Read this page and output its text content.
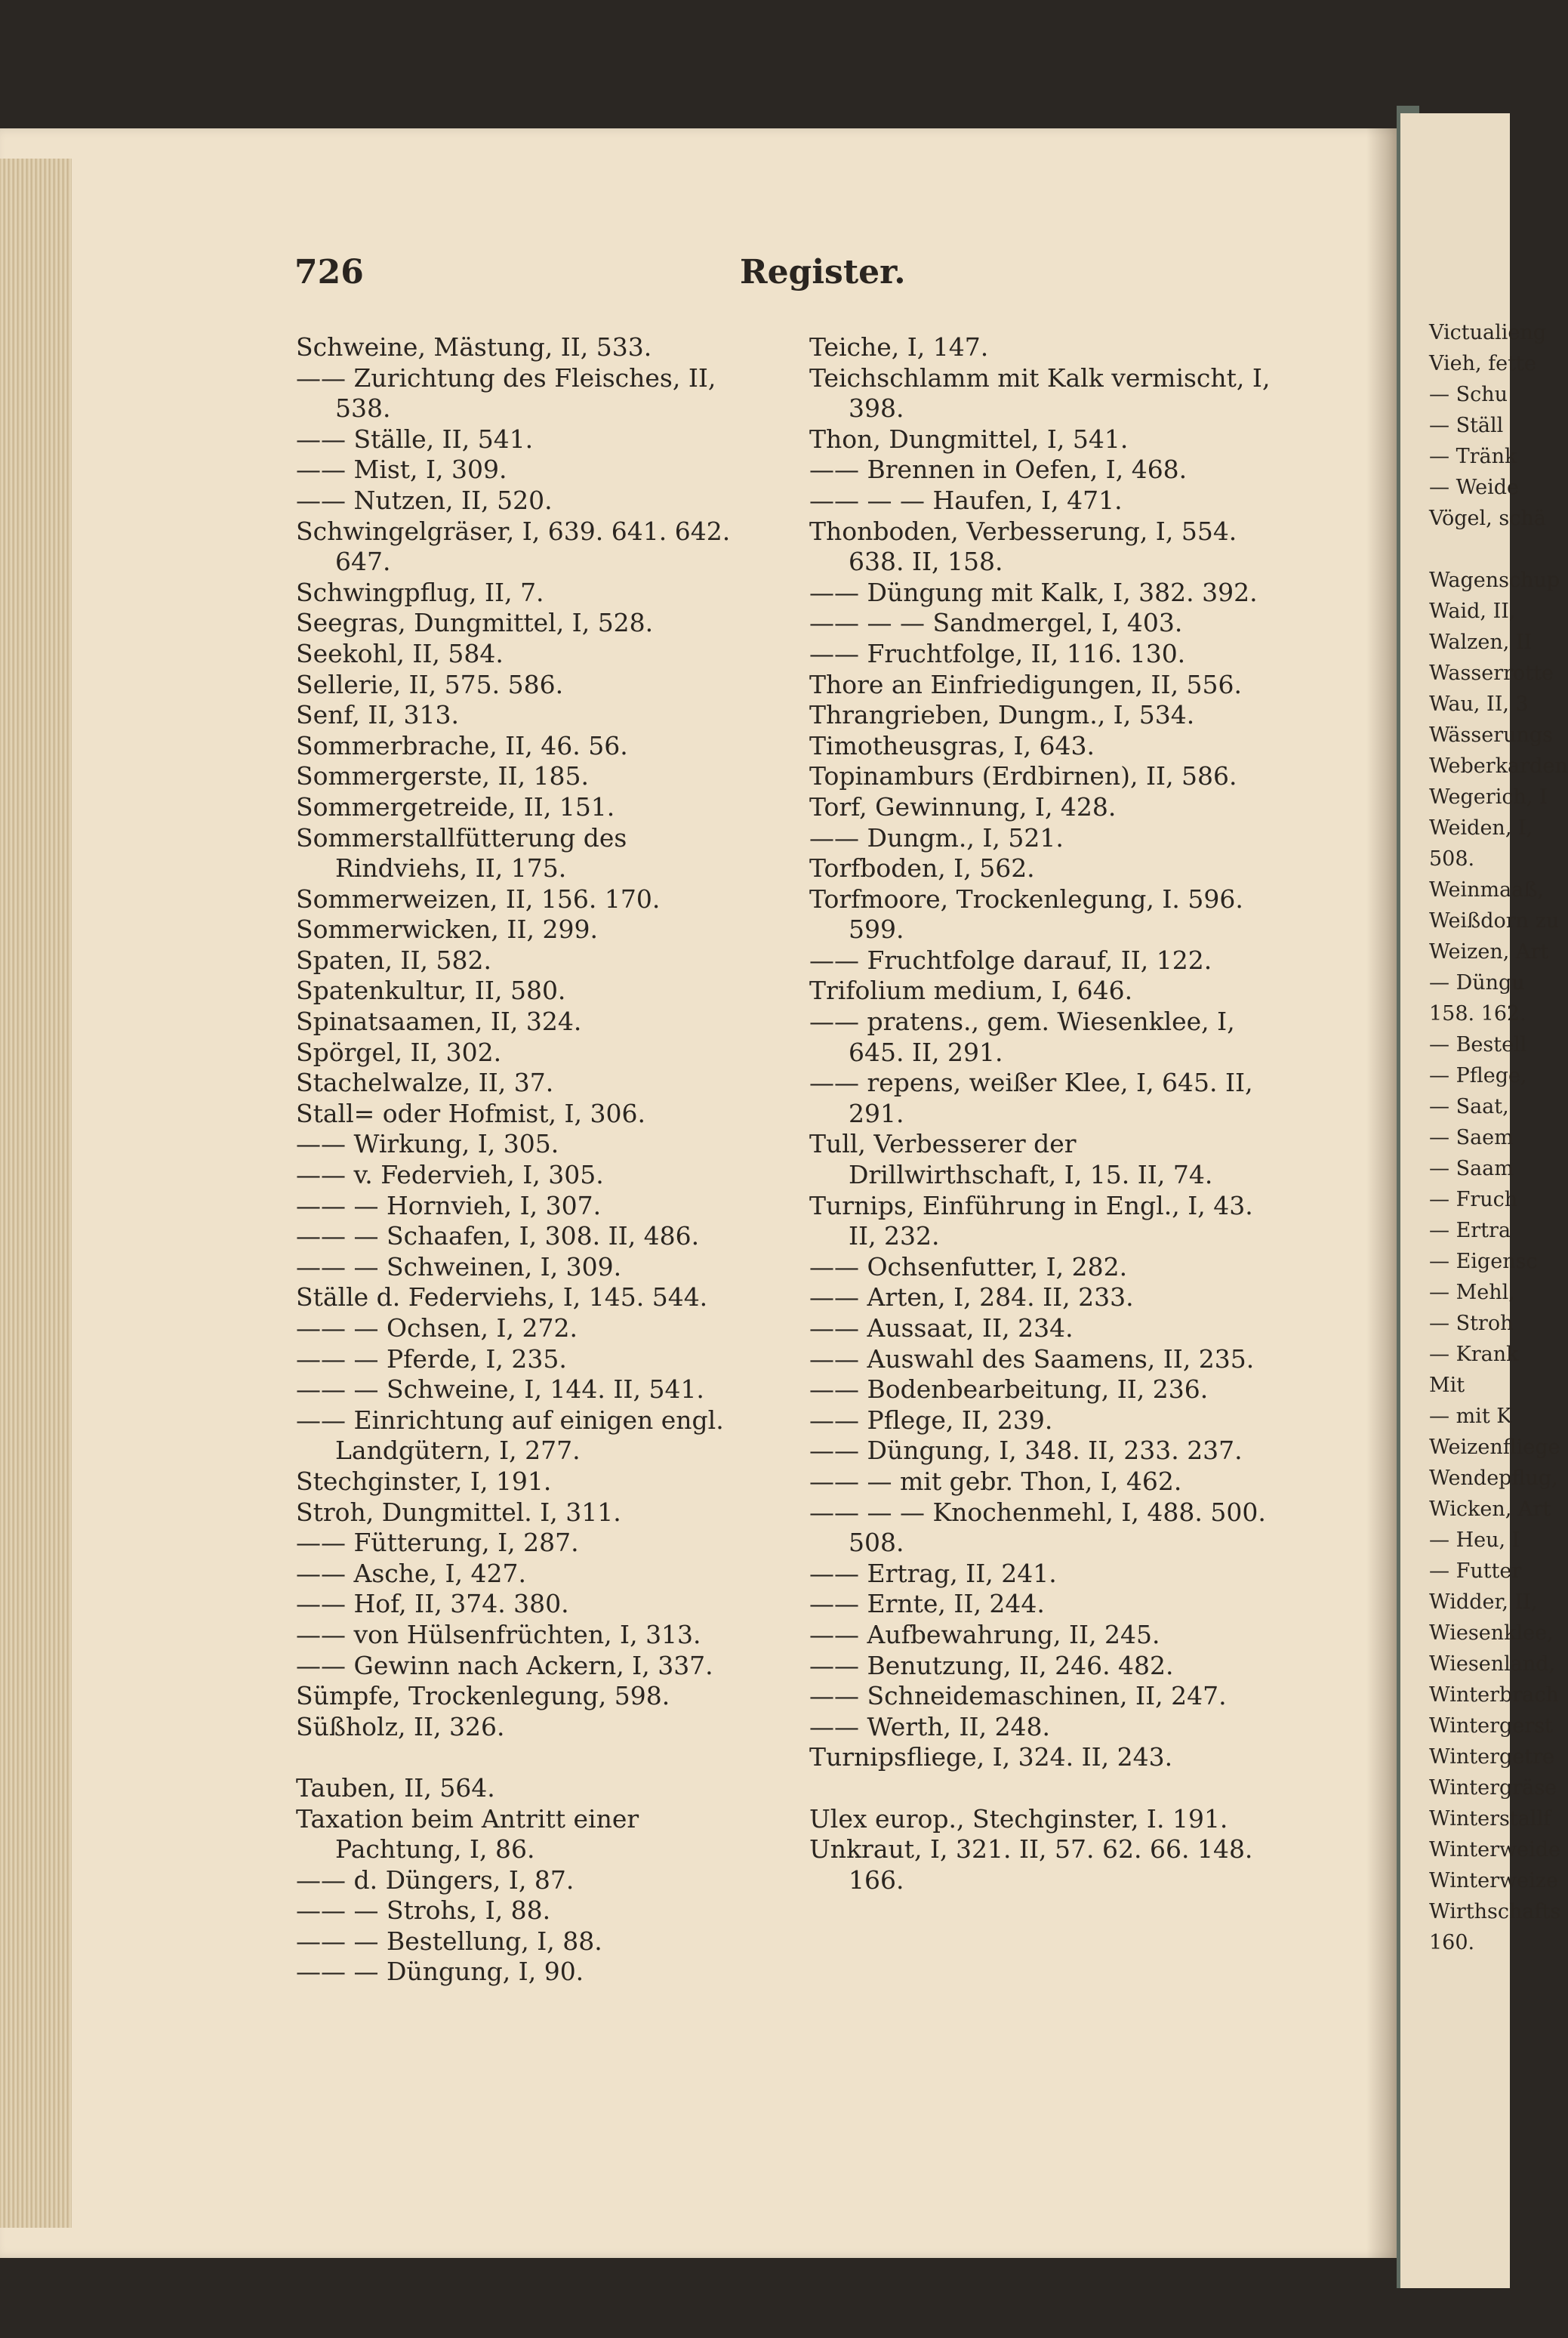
726	Register.
Schweine, Mästung, II, 533.
—— Zurichtung des Fleisches, II, 538.
—— Ställe, II, 541.
—— Mist, I, 309.
—— Nutzen, II, 520.
Schwingelgräser, I, 639. 641. 642. 647.
Schwingpflug, II, 7.
Seegras, Dungmittel, I, 528.
Seekohl, II, 584.
Sellerie, II, 575. 586.
Senf, II, 313.
Sommerbrache, II, 46. 56.
Sommergerste, II, 185.
Sommergetreide, II, 151.
Sommerstallfütterung des Rindviehs, II, 175.
Sommerweizen, II, 156. 170.
Sommerwicken, II, 299.
Spaten, II, 582.
Spatenkultur, II, 580.
Spinatsaamen, II, 324.
Spörgel, II, 302.
Stachelwalze, II, 37.
Stall= oder Hofmist, I, 306.
—— Wirkung, I, 305.
—— v. Federvieh, I, 305.
—— — Hornvieh, I, 307.
—— — Schaafen, I, 308. II, 486.
—— — Schweinen, I, 309.
Ställe d. Federviehs, I, 145. 544.
—— — Ochsen, I, 272.
—— — Pferde, I, 235.
—— — Schweine, I, 144. II, 541.
—— Einrichtung auf einigen engl. Landgütern, I, 277.
Stechginster, I, 191.
Stroh, Dungmittel. I, 311.
—— Fütterung, I, 287.
—— Asche, I, 427.
—— Hof, II, 374. 380.
—— von Hülsenfrüchten, I, 313.
—— Gewinn nach Ackern, I, 337.
Sümpfe, Trockenlegung, 598.
Süßholz, II, 326.
Tauben, II, 564.
Taxation beim Antritt einer Pachtung, I, 86.
—— d. Düngers, I, 87.
—— — Strohs, I, 88.
—— — Bestellung, I, 88.
—— — Düngung, I, 90.
Teiche, I, 147.
Teichschlamm mit Kalk vermischt, I, 398.
Thon, Dungmittel, I, 541.
—— Brennen in Oefen, I, 468.
—— — — Haufen, I, 471.
Thonboden, Verbesserung, I, 554. 638. II, 158.
—— Düngung mit Kalk, I, 382. 392.
—— — — Sandmergel, I, 403.
—— Fruchtfolge, II, 116. 130.
Thore an Einfriedigungen, II, 556.
Thrangrieben, Dungm., I, 534.
Timotheusgras, I, 643.
Topinamburs (Erdbirnen), II, 586.
Torf, Gewinnung, I, 428.
—— Dungm., I, 521.
Torfboden, I, 562.
Torfmoore, Trockenlegung, I. 596. 599.
—— Fruchtfolge darauf, II, 122.
Trifolium medium, I, 646.
—— pratens., gem. Wiesenklee, I, 645. II, 291.
—— repens, weißer Klee, I, 645. II, 291.
Tull, Verbesserer der Drillwirthschaft, I, 15. II, 74.
Turnips, Einführung in Engl., I, 43. II, 232.
—— Ochsenfutter, I, 282.
—— Arten, I, 284. II, 233.
—— Aussaat, II, 234.
—— Auswahl des Saamens, II, 235.
—— Bodenbearbeitung, II, 236.
—— Pflege, II, 239.
—— Düngung, I, 348. II, 233. 237.
—— — mit gebr. Thon, I, 462.
—— — — Knochenmehl, I, 488. 500. 508.
—— Ertrag, II, 241.
—— Ernte, II, 244.
—— Aufbewahrung, II, 245.
—— Benutzung, II, 246. 482.
—— Schneidemaschinen, II, 247.
—— Werth, II, 248.
Turnipsfliege, I, 324. II, 243.
Ulex europ., Stechginster, I. 191.
Unkraut, I, 321. II, 57. 62. 66. 148. 166.
Victualieng
Vieh, fette
— Schu
— Ställ
— Tränk
— Weide
Vögel, schä
Wagenschup
Waid, II,
Walzen, II
Wasserrotte
Wau, II, 3
Wässerungs
Weberkarden
Wegerich, I
Weiden, I,
508.
Weinmaaß,
Weißdorn zu
Weizen, Art
— Düngu
158. 162.
— Bestell
— Pflege,
— Saat,
— Saem
— Saam
— Fruch
— Ertra
— Eigensc
— Mehl,
— Stroh
— Krank
Mit
— mit K
Weizenfliege
Wendepflug,
Wicken, Art
— Heu, I
— Futter
Widder, II,
Wiesenklee,
Wiesenland,
Winterbrach
Wintergerst
Wintergetre
Wintergräse
Winterstallf
Winterweide
Winterweize
Wirthschafts
160.
